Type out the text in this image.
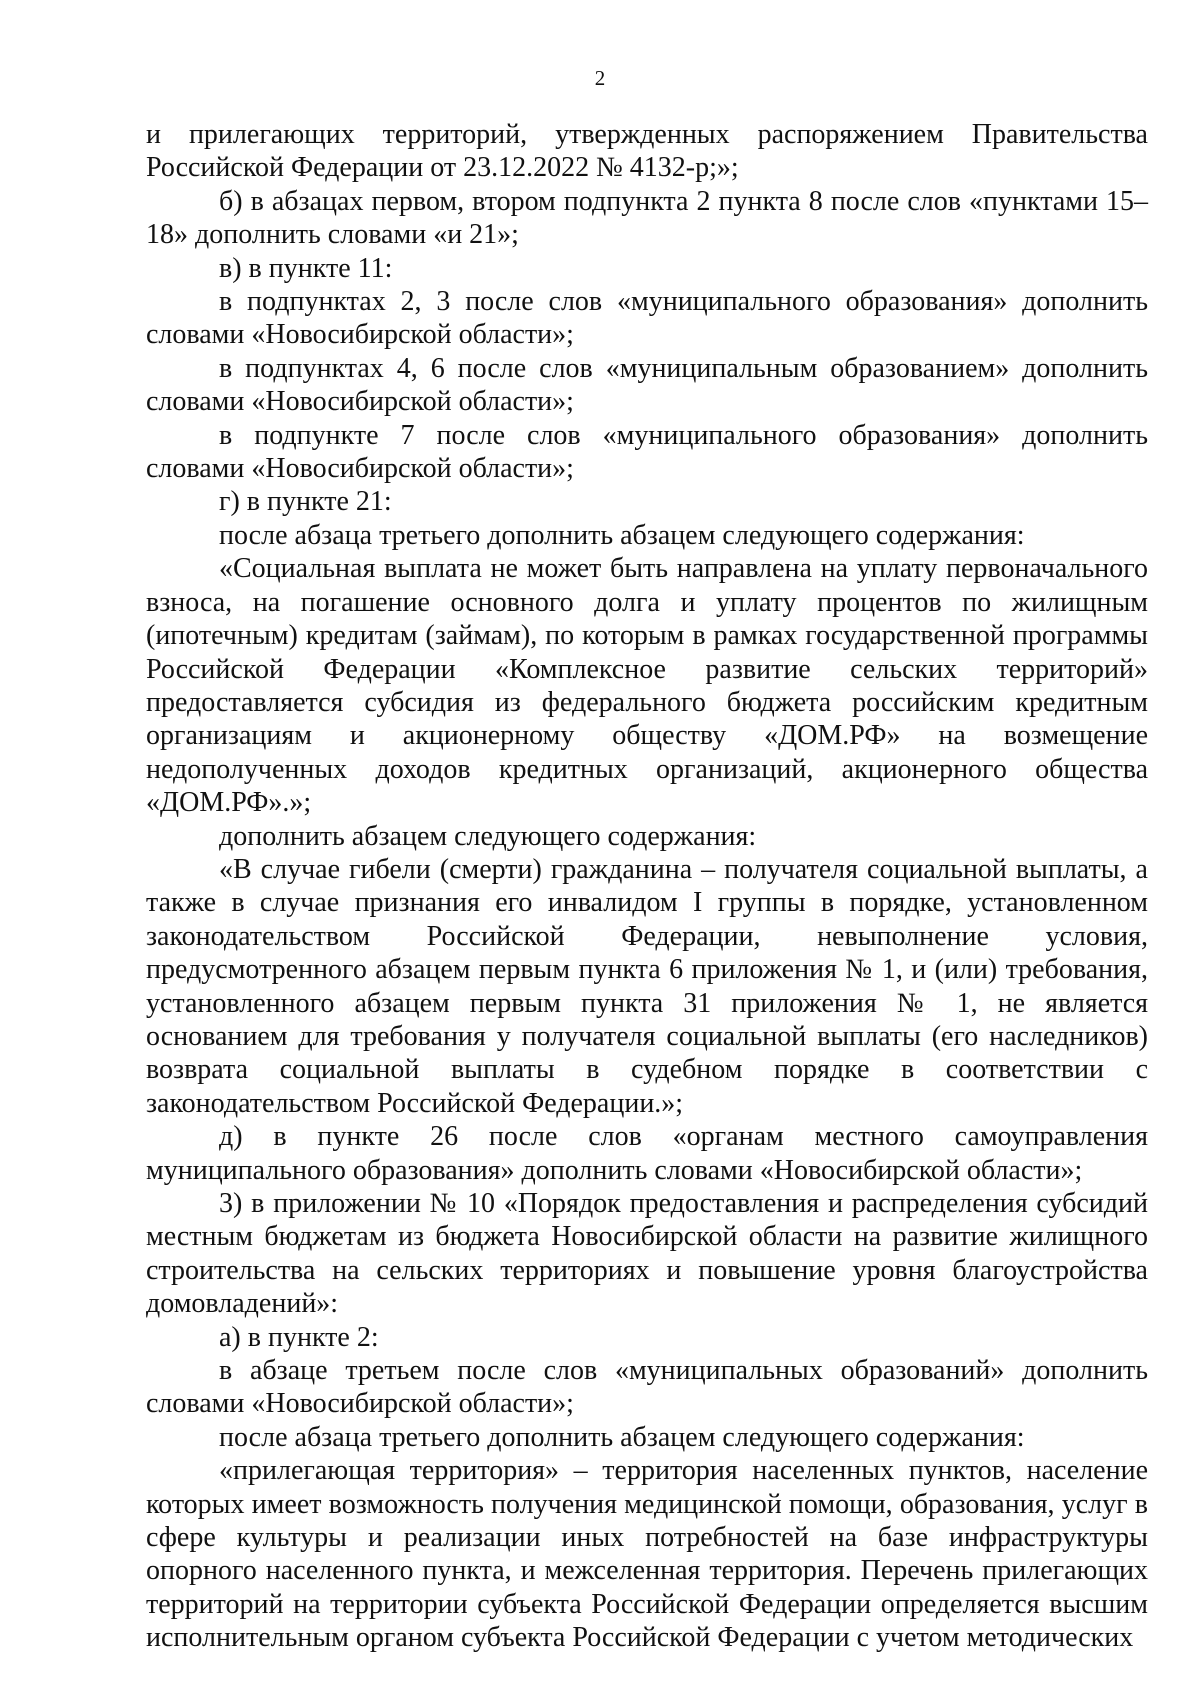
2

и прилегающих территорий, утвержденных распоряжением Правительства Российской Федерации от 23.12.2022 № 4132-р;»;

б) в абзацах первом, втором подпункта 2 пункта 8 после слов «пунктами 15–18» дополнить словами «и 21»;

в) в пункте 11:

в подпунктах 2, 3 после слов «муниципального образования» дополнить словами «Новосибирской области»;

в подпунктах 4, 6 после слов «муниципальным образованием» дополнить словами «Новосибирской области»;

в подпункте 7 после слов «муниципального образования» дополнить словами «Новосибирской области»;

г) в пункте 21:

после абзаца третьего дополнить абзацем следующего содержания:

«Социальная выплата не может быть направлена на уплату первоначального взноса, на погашение основного долга и уплату процентов по жилищным (ипотечным) кредитам (займам), по которым в рамках государственной программы Российской Федерации «Комплексное развитие сельских территорий» предоставляется субсидия из федерального бюджета российским кредитным организациям и акционерному обществу «ДОМ.РФ» на возмещение недополученных доходов кредитных организаций, акционерного общества «ДОМ.РФ».»;

дополнить абзацем следующего содержания:

«В случае гибели (смерти) гражданина – получателя социальной выплаты, а также в случае признания его инвалидом I группы в порядке, установленном законодательством Российской Федерации, невыполнение условия, предусмотренного абзацем первым пункта 6 приложения № 1, и (или) требования, установленного абзацем первым пункта 31 приложения № 1, не является основанием для требования у получателя социальной выплаты (его наследников) возврата социальной выплаты в судебном порядке в соответствии с законодательством Российской Федерации.»;

д) в пункте 26 после слов «органам местного самоуправления муниципального образования» дополнить словами «Новосибирской области»;

3) в приложении № 10 «Порядок предоставления и распределения субсидий местным бюджетам из бюджета Новосибирской области на развитие жилищного строительства на сельских территориях и повышение уровня благоустройства домовладений»:

а) в пункте 2:

в абзаце третьем после слов «муниципальных образований» дополнить словами «Новосибирской области»;

после абзаца третьего дополнить абзацем следующего содержания:

«прилегающая территория» – территория населенных пунктов, население которых имеет возможность получения медицинской помощи, образования, услуг в сфере культуры и реализации иных потребностей на базе инфраструктуры опорного населенного пункта, и межселенная территория. Перечень прилегающих территорий на территории субъекта Российской Федерации определяется высшим исполнительным органом субъекта Российской Федерации с учетом методических
